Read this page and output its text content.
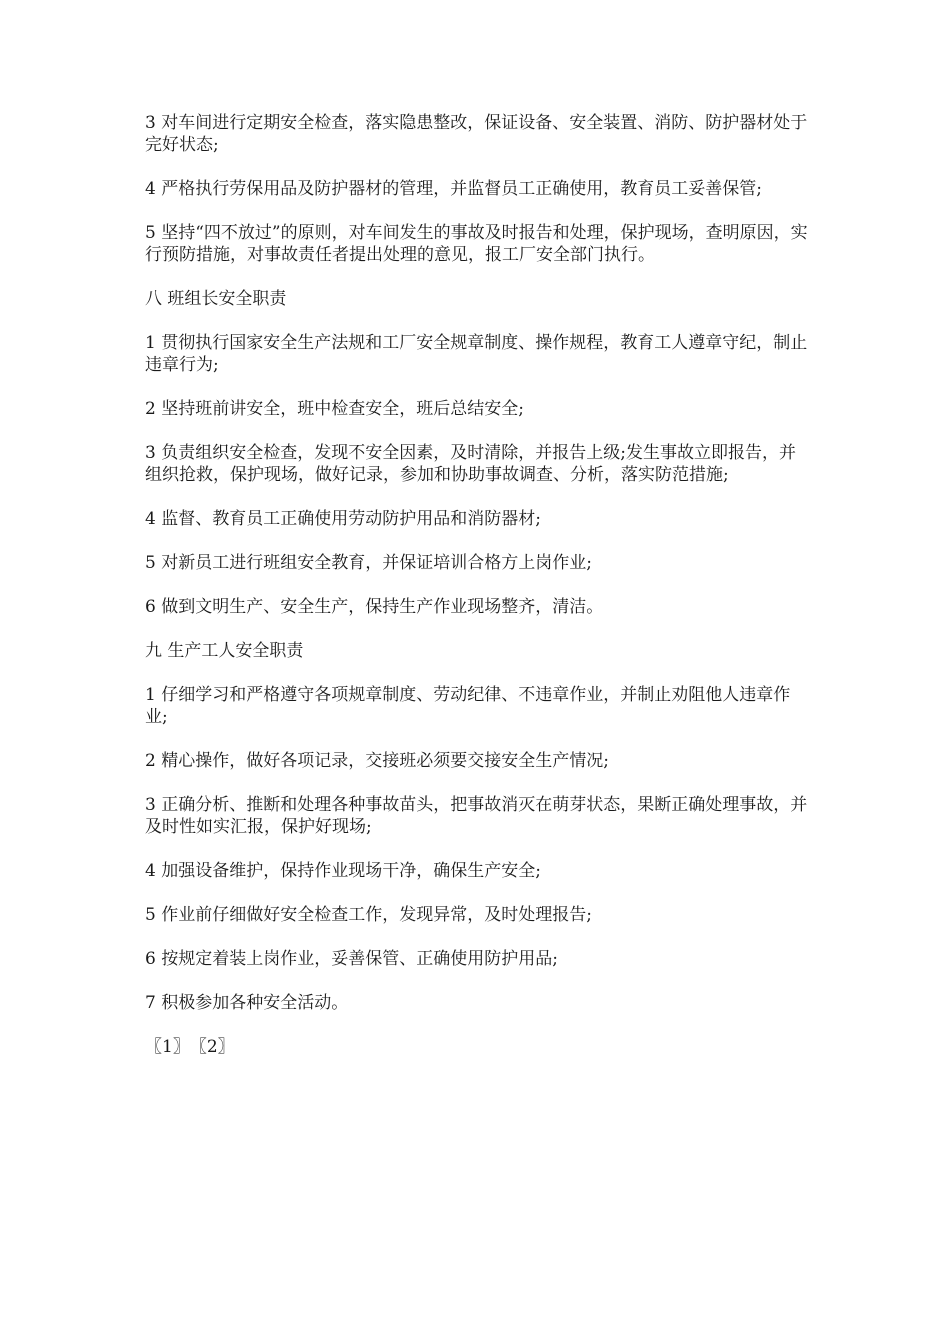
3 对车间进行定期安全检查，落实隐患整改，保证设备、安全装置、消防、防护器材处于完好状态;

4 严格执行劳保用品及防护器材的管理，并监督员工正确使用，教育员工妥善保管;

5 坚持“四不放过”的原则，对车间发生的事故及时报告和处理，保护现场，查明原因，实行预防措施，对事故责任者提出处理的意见，报工厂安全部门执行。

八 班组长安全职责

1 贯彻执行国家安全生产法规和工厂安全规章制度、操作规程，教育工人遵章守纪，制止违章行为;

2 坚持班前讲安全，班中检查安全，班后总结安全;

3 负责组织安全检查，发现不安全因素，及时清除，并报告上级;发生事故立即报告，并组织抢救，保护现场，做好记录，参加和协助事故调查、分析，落实防范措施;

4 监督、教育员工正确使用劳动防护用品和消防器材;

5 对新员工进行班组安全教育，并保证培训合格方上岗作业;

6 做到文明生产、安全生产，保持生产作业现场整齐，清洁。

九 生产工人安全职责

1 仔细学习和严格遵守各项规章制度、劳动纪律、不违章作业，并制止劝阻他人违章作业;

2 精心操作，做好各项记录，交接班必须要交接安全生产情况;

3 正确分析、推断和处理各种事故苗头，把事故消灭在萌芽状态，果断正确处理事故，并及时性如实汇报，保护好现场;

4 加强设备维护，保持作业现场干净，确保生产安全;

5 作业前仔细做好安全检查工作，发现异常，及时处理报告;

6 按规定着装上岗作业，妥善保管、正确使用防护用品;

7 积极参加各种安全活动。

〖1〗 〖2〗
